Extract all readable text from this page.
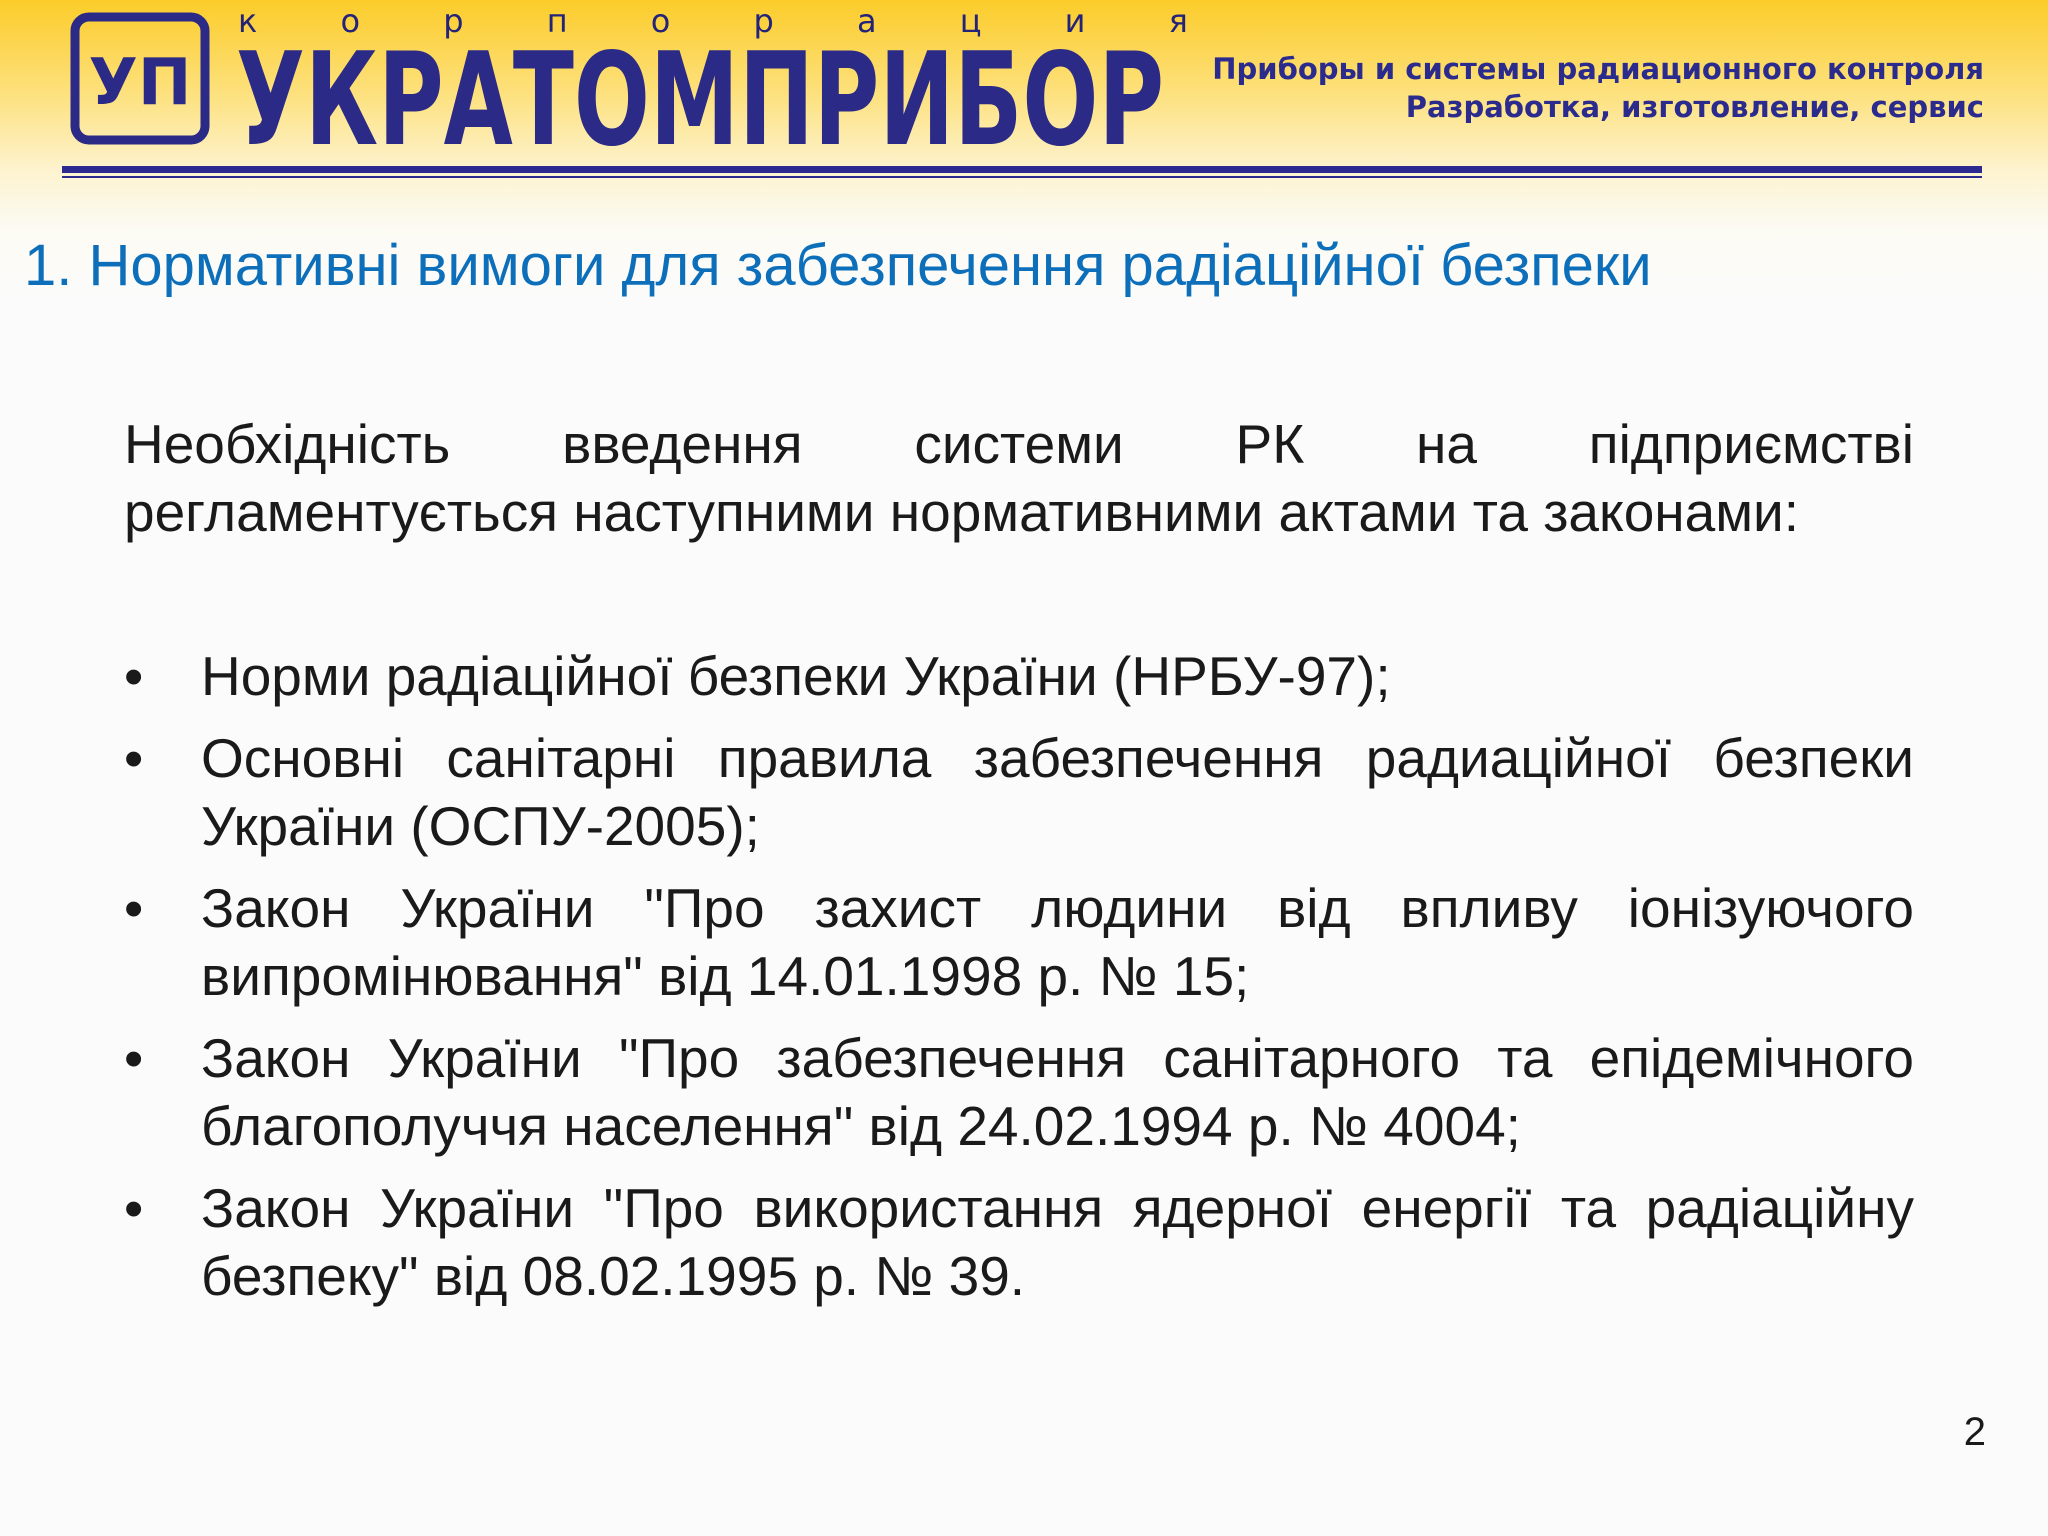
УП
к	о	р	п	о	р	а	ц	и	я
УКРАТОМПРИБОР Приборы и системы радиационного контроля
Разработка, изготовление, сервис
1. Нормативні вимоги для забезпечення радіаційної безпеки

Необхідність введення системи РК на підприємстві
регламентується наступними нормативними актами та законами:

•	Норми радіаційної безпеки України (НРБУ-97);
•	Основні санітарні правила забезпечення радиаційної безпеки України (ОСПУ-2005);
•	Закон України "Про захист людини від впливу іонізуючого випромінювання" від 14.01.1998 р. № 15;
•	Закон України "Про забезпечення санітарного та епідемічного благополуччя населення" від 24.02.1994 р. № 4004;
•	Закон України "Про використання ядерної енергії та радіаційну безпеку" від 08.02.1995 р. № 39.
2
